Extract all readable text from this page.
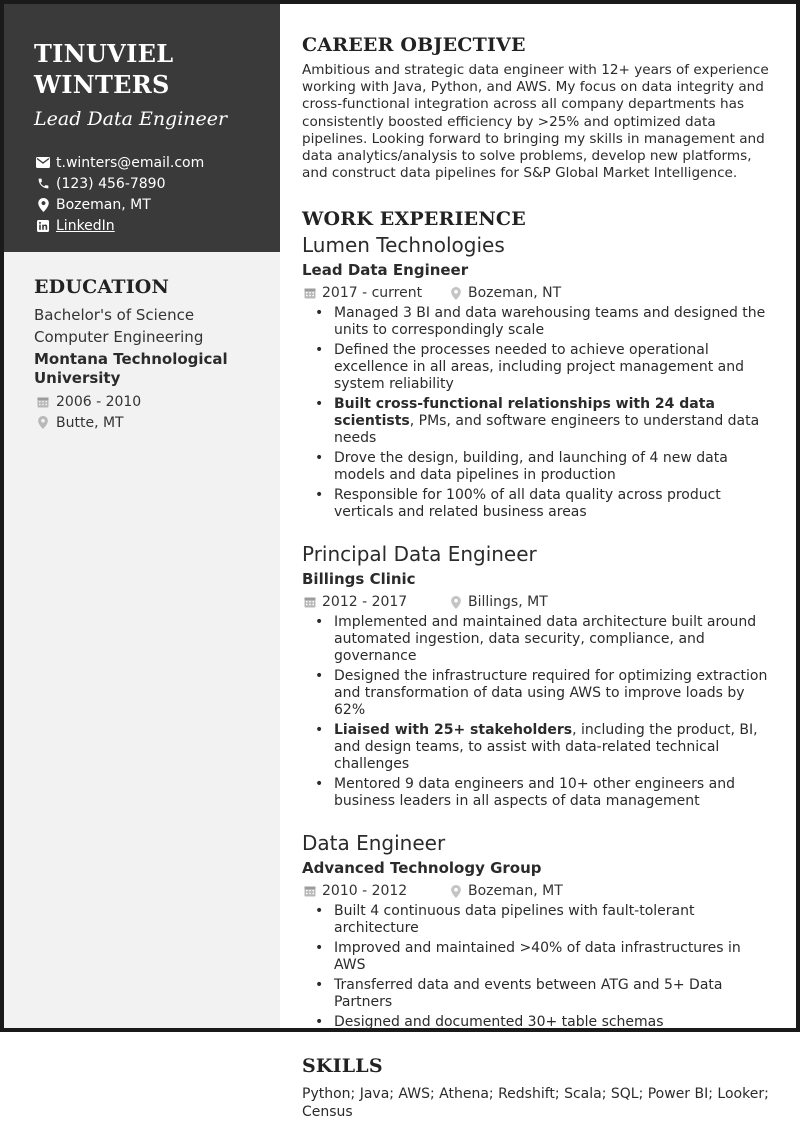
TINUVIEL
WINTERS
Lead Data Engineer
t.winters@email.com
(123) 456-7890
Bozeman, MT
LinkedIn
EDUCATION
Bachelor's of Science
Computer Engineering
Montana Technological University
2006 - 2010
Butte, MT
CAREER OBJECTIVE
Ambitious and strategic data engineer with 12+ years of experience working with Java, Python, and AWS. My focus on data integrity and cross-functional integration across all company departments has consistently boosted efficiency by >25% and optimized data pipelines. Looking forward to bringing my skills in management and data analytics/analysis to solve problems, develop new platforms, and construct data pipelines for S&P Global Market Intelligence.
WORK EXPERIENCE
Lumen Technologies
Lead Data Engineer
2017 - current	Bozeman, NT
• Managed 3 BI and data warehousing teams and designed the units to correspondingly scale
• Defined the processes needed to achieve operational excellence in all areas, including project management and system reliability
• Built cross-functional relationships with 24 data scientists, PMs, and software engineers to understand data needs
• Drove the design, building, and launching of 4 new data models and data pipelines in production
• Responsible for 100% of all data quality across product verticals and related business areas
Principal Data Engineer
Billings Clinic
2012 - 2017	Billings, MT
• Implemented and maintained data architecture built around automated ingestion, data security, compliance, and governance
• Designed the infrastructure required for optimizing extraction and transformation of data using AWS to improve loads by 62%
• Liaised with 25+ stakeholders, including the product, BI, and design teams, to assist with data-related technical challenges
• Mentored 9 data engineers and 10+ other engineers and business leaders in all aspects of data management
Data Engineer
Advanced Technology Group
2010 - 2012	Bozeman, MT
• Built 4 continuous data pipelines with fault-tolerant architecture
• Improved and maintained >40% of data infrastructures in AWS
• Transferred data and events between ATG and 5+ Data Partners
• Designed and documented 30+ table schemas
SKILLS
Python; Java; AWS; Athena; Redshift; Scala; SQL; Power BI; Looker; Census
